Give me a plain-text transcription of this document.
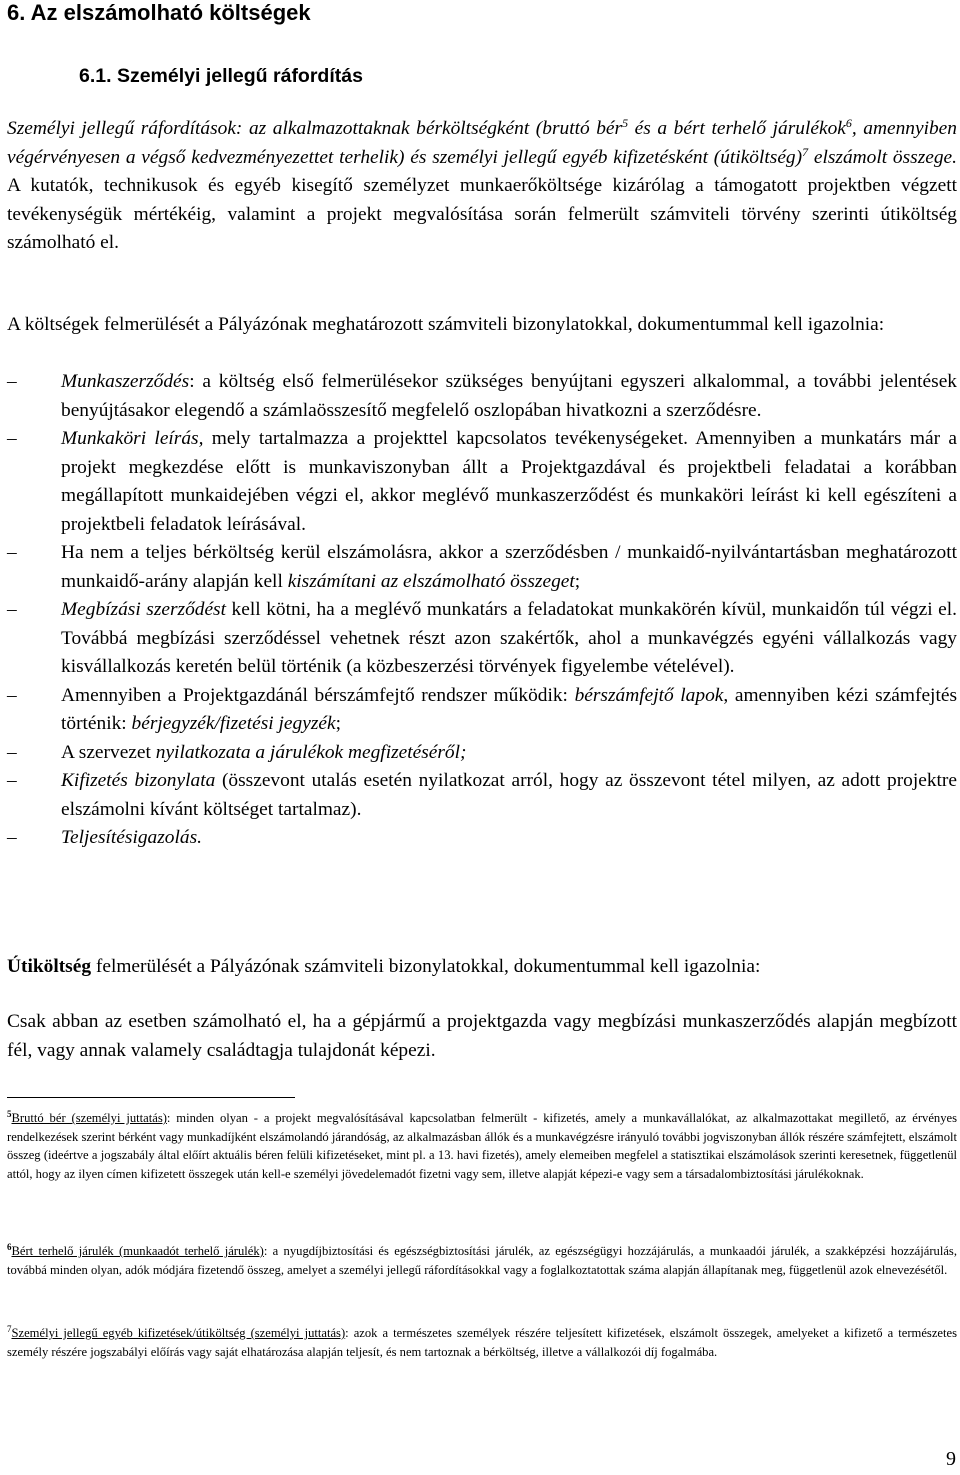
6. Az elszámolható költségek
6.1. Személyi jellegű ráfordítás
Személyi jellegű ráfordítások: az alkalmazottaknak bérköltségként (bruttó bér$^5$ és a bért terhelő járulékok$^6$, amennyiben végérvényesen a végső kedvezményezettet terhelik) és személyi jellegű egyéb kifizetésként (útiköltség)$^7$ elszámolt összege. A kutatók, technikusok és egyéb kisegítő személyzet munkaerőköltsége kizárólag a támogatott projektben végzett tevékenységük mértékéig, valamint a projekt megvalósítása során felmerült számviteli törvény szerinti útiköltség számolható el.
A költségek felmerülését a Pályázónak meghatározott számviteli bizonylatokkal, dokumentummal kell igazolnia:
–	Munkaszerződés: a költség első felmerülésekor szükséges benyújtani egyszeri alkalommal, a további jelentések benyújtásakor elegendő a számlaösszesítő megfelelő oszlopában hivatkozni a szerződésre.
–	Munkaköri leírás, mely tartalmazza a projekttel kapcsolatos tevékenységeket. Amennyiben a munkatárs már a projekt megkezdése előtt is munkaviszonyban állt a Projektgazdával és projektbeli feladatai a korábban megállapított munkaidejében végzi el, akkor meglévő munkaszerződést és munkaköri leírást ki kell egészíteni a projektbeli feladatok leírásával.
–	Ha nem a teljes bérköltség kerül elszámolásra, akkor a szerződésben / munkaidő-nyilvántartásban meghatározott munkaidő-arány alapján kell kiszámítani az elszámolható összeget;
–	Megbízási szerződést kell kötni, ha a meglévő munkatárs a feladatokat munkakörén kívül, munkaidőn túl végzi el. Továbbá megbízási szerződéssel vehetnek részt azon szakértők, ahol a munkavégzés egyéni vállalkozás vagy kisvállalkozás keretén belül történik (a közbeszerzési törvények figyelembe vételével).
–	Amennyiben a Projektgazdánál bérszámfejtő rendszer működik: bérszámfejtő lapok, amennyiben kézi számfejtés történik: bérjegyzék/fizetési jegyzék;
–	A szervezet nyilatkozata a járulékok megfizetéséről;
–	Kifizetés bizonylata (összevont utalás esetén nyilatkozat arról, hogy az összevont tétel milyen, az adott projektre elszámolni kívánt költséget tartalmaz).
–	Teljesítésigazolás.
Útiköltség felmerülését a Pályázónak számviteli bizonylatokkal, dokumentummal kell igazolnia:
Csak abban az esetben számolható el, ha a gépjármű a projektgazda vagy megbízási munkaszerződés alapján megbízott fél, vagy annak valamely családtagja tulajdonát képezi.
$^5$Bruttó bér (személyi juttatás): minden olyan - a projekt megvalósításával kapcsolatban felmerült - kifizetés, amely a munkavállalókat, az alkalmazottakat megillető, az érvényes rendelkezések szerint bérként vagy munkadíjként elszámolandó járandóság, az alkalmazásban állók és a munkavégzésre irányuló további jogviszonyban állók részére számfejtett, elszámolt összeg (ideértve a jogszabály által előírt aktuális béren felüli kifizetéseket, mint pl. a 13. havi fizetés), amely elemeiben megfelel a statisztikai elszámolások szerinti keresetnek, függetlenül attól, hogy az ilyen címen kifizetett összegek után kell-e személyi jövedelemadót fizetni vagy sem, illetve alapját képezi-e vagy sem a társadalombiztosítási járulékoknak.
$^6$Bért terhelő járulék (munkaadót terhelő járulék): a nyugdíjbiztosítási és egészségbiztosítási járulék, az egészségügyi hozzájárulás, a munkaadói járulék, a szakképzési hozzájárulás, továbbá minden olyan, adók módjára fizetendő összeg, amelyet a személyi jellegű ráfordításokkal vagy a foglalkoztatottak száma alapján állapítanak meg, függetlenül azok elnevezésétől.
$^7$Személyi jellegű egyéb kifizetések/útiköltség (személyi juttatás): azok a természetes személyek részére teljesített kifizetések, elszámolt összegek, amelyeket a kifizető a természetes személy részére jogszabályi előírás vagy saját elhatározása alapján teljesít, és nem tartoznak a bérköltség, illetve a vállalkozói díj fogalmába.
9
